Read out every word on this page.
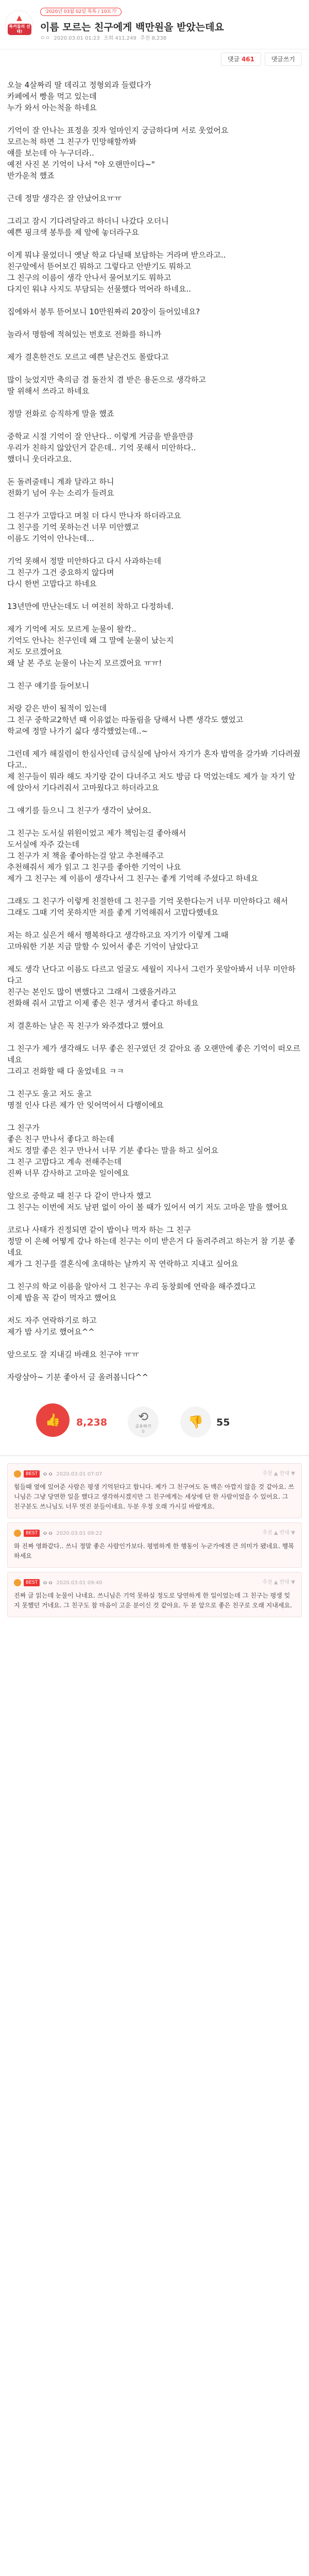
▲
톡커들의 선택!
'2020년 03월 02일 톡톡 / 10토기'
이름 모르는 친구에게 백만원을 받았는데요
ㅇㅇ 2020.03.01 01:23 조회 411,249 추천 8,238
댓글 461	댓글쓰기
오늘 4살짜리 딸 데리고 정형외과 들렸다가
카페에서 빵을 먹고 있는데
누가 와서 아는척을 하네요
기억이 잘 안나는 표정을 짓자 얼마인지 궁금하다며 서로 웃었어요
모르는척 하면 그 친구가 민망해할까봐
얘를 보는데 아 누구더라..
예전 사진 본 기억이 나서 "야 오랜만이다~"
반가운척 했죠
근데 정말 생각은 잘 안났어요ㅠㅠ
그리고 잠시 기다려달라고 하더니 나갔다 오더니
예쁜 핑크색 봉투를 제 앞에 놓더라구요
이게 뭐냐 물었더니 옛날 학교 다닐때 보답하는 거라며 받으라고..
친구앞에서 뜯어보긴 뭐하고 그렇다고 안받기도 뭐하고
그 친구의 이름이 생각 안나서 물어보기도 뭐하고
다지인 워냐 사지도 부담되는 선물했다 먹어라 하네요..
집에와서 봉투 뜯어보니 10만원짜리 20장이 들어있네요?
놀라서 명함에 적혀있는 번호로 전화를 하니까
제가 결혼한건도 모르고 예쁜 날은건도 몰랐다고
많이 늦었지만 축의금 겸 돌잔치 겸 받은 용돈으로 생각하고
딸 위해서 쓰라고 하네요
정말 전화로 승직하게 말을 했죠
중학교 시절 기억이 잘 안난다.. 이렇게 거금을 받을만큼
우리가 친하지 않았던거 같은데.. 기억 못해서 미안하다..
했더니 웃더라고요.
돈 돌려줄테니 계좌 달라고 하니
전화기 넘어 우는 소리가 들려요
그 친구가 고맙다고 며칠 더 다시 만나자 하더라고요
그 친구를 기억 못하는건 너무 미안했고
이름도 기억이 안나는데...
기억 못해서 정말 미안하다고 다시 사과하는데
그 친구가 그건 중요하지 않다며
다시 한번 고맙다고 하네요
13년만에 만난는데도 너 여전히 착하고 다정하네.
제가 기억에 저도 모르게 눈물이 왈칵..
기억도 안나는 친구인데 왜 그 말에 눈물이 났는지
저도 모르겠어요
왜 날 본 주로 눈물이 나는지 모르겠어요 ㅠㅠ!
그 친구 얘기를 들어보니
저랑 같은 반이 될적이 있는데
그 친구 중학교2학년 때 이유없는 따돌림을 당해서 나쁜 생각도 했었고
학교에 정말 나가기 싫다 생각했었는데..~
그런데 제가 해질렴이 한심사인데 급식실에 남아서 자기가 혼자 밥먹을 갈가봐 기다려줬다고..
제 친구들이 뭐라 해도 자기랑 같이 다녀주고 저도 방금 다 먹었는데도 제가 늘 자기 앞에 앉아서 기다려줘서 고마웠다고 하더라고요
그 얘기를 들으니 그 친구가 생각이 났어요.
그 친구는 도서실 위원이었고 제가 책임는걸 좋아해서
도서실에 자주 갔는데
그 친구가 저 책을 좋아하는걸 알고 추천해주고
추천해줘서 제가 읽고 그 친구를 좋아한 기억이 나요
제가 그 친구는 제 이름이 생각나서 그 친구는 좋게 기억해 주셨다고 하네요
그래도 그 친구가 이렇게 친절한데 그 친구를 기억 못한다는거 너무 미안하다고 해서
그래도 그때 기억 못하지만 저를 좋게 기억해줘서 고맙다했네요
저는 하고 싶은거 해서 행복하다고 생각하고요 자기가 이렇게 그때
고마워한 기분 지금 말할 수 있어서 좋은 기억이 남았다고
제도 생각 난다고 이름도 다르고 얼굴도 세월이 지나서 그런가 못알아봐서 너무 미안하다고
친구는 본인도 많이 변했다고 그래서 그랬을거라고
전화해 줘서 고맙고 이제 좋은 친구 생겨서 좋다고 하네요
저 결혼하는 날은 꼭 친구가 와주겠다고 했어요
그 친구가 제가 생각해도 너무 좋은 친구였던 것 같아요 좀 오랜만에 좋은 기억이 떠오르네요
그리고 전화할 때 다 울었네요 ㅋㅋ
그 친구도 울고 저도 울고
명절 인사 다른 제가 안 잊어먹어서 다행이에요
그 친구가
좋은 친구 만나서 좋다고 하는데
저도 정말 좋은 친구 만나서 너무 기분 좋다는 말을 하고 싶어요
그 친구 고맙다고 계속 전해주는데
진짜 너무 감사하고 고마운 일이에요
앞으로 중학교 때 친구 다 같이 만나자 했고
그 친구는 이번에 저도 남편 없이 아이 볼 때가 있어서 여기 저도 고마운 말을 했어요
코로나 사태가 진정되면 같이 밥이나 먹자 하는 그 친구
정말 이 은혜 어떻게 갚나 하는데 친구는 이미 받은거 다 돌려주려고 하는거 참 기분 좋네요
제가 그 친구를 결혼식에 초대하는 날까지 꼭 연락하고 지내고 싶어요
그 친구의 학교 이름을 알아서 그 친구는 우리 동창회에 연락을 해주겠다고
이제 밥을 꼭 같이 먹자고 했어요
저도 자주 연락하기로 하고
제가 밥 사기로 했어요^^
앞으로도 잘 지내길 바래요 친구야 ㅠㅠ
자랑삼아~ 기분 좋아서 글 올려봅니다^^
👍	8,238	⟲
공유하기
0
👎	55
BEST ㅇㅇ 2020.03.01 07:07	추천 ▲ 반대 ▼
힘들때 옆에 있어준 사람은 평생 기억된다고 합니다. 제가 그 친구여도 돈 백은 아깝지 않을 것 같아요. 쓰니님은 그냥 당연한 일을 했다고 생각하시겠지만 그 친구에게는 세상에 단 한 사람이었을 수 있어요. 그 친구분도 쓰니님도 너무 멋진 분들이네요. 두분 우정 오래 가시길 바랄게요.
BEST ㅇㅇ 2020.03.01 09:22	추천 ▲ 반대 ▼
와 진짜 영화같다.. 쓰니 정말 좋은 사람인가보다. 평범하게 한 행동이 누군가에겐 큰 의미가 됐네요. 행복하세요
BEST ㅇㅇ 2020.03.01 09:40	추천 ▲ 반대 ▼
진짜 글 읽는데 눈물이 나네요. 쓰니님은 기억 못하실 정도로 당연하게 한 일이었는데 그 친구는 평생 잊지 못했던 거네요. 그 친구도 참 마음이 고운 분이신 것 같아요. 두 분 앞으로 좋은 친구로 오래 지내세요.
